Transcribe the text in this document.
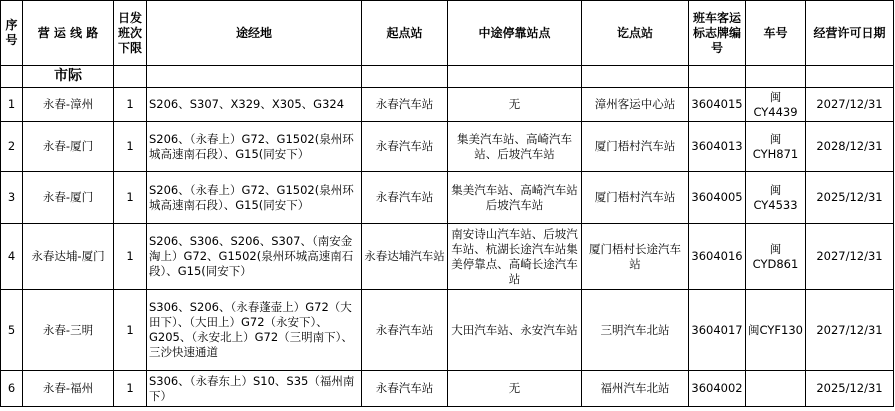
序号	营 运 线 路	日发班次下限	途经地	起点站	中途停靠站点	讫点站	班车客运标志牌编号	车号	经营许可日期
	市际								
1	永春-漳州	1	S206、S307、X329、X305、G324	永春汽车站	无	漳州客运中心站	3604015	闽CY4439	2027/12/31
2	永春-厦门	1	S206、（永春上）G72、G1502(泉州环城高速南石段）、G15(同安下）	永春汽车站	集美汽车站、高崎汽车站、后坡汽车站	厦门梧村汽车站	3604013	闽CYH871	2028/12/31
3	永春-厦门	1	S206、（永春上）G72、G1502(泉州环城高速南石段）、G15(同安下）	永春汽车站	集美汽车站、高崎汽车站　　后坡汽车站	厦门梧村汽车站	3604005	闽CY4533	2025/12/31
4	永春达埔-厦门	1	S206、S306、S206、S307、（南安金淘上）G72、G1502(泉州环城高速南石段）、G15(同安下）	永春达埔汽车站	南安诗山汽车站、后坡汽车站、杭湖长途汽车站集美停靠点、高崎长途汽车站	厦门梧村长途汽车站	3604016	闽CYD861	2027/12/31
5	永春-三明	1	S306、S206、（永春蓬壶上）G72（大田下）、（大田上）G72（永安下）、G205、（永安北上）G72（三明南下）、三沙快速通道	永春汽车站	大田汽车站、永安汽车站	三明汽车北站	3604017	闽CYF130	2027/12/31
6	永春-福州	1	S306、（永春东上）S10、S35（福州南下）	永春汽车站	无	福州汽车北站	3604002		2025/12/31
